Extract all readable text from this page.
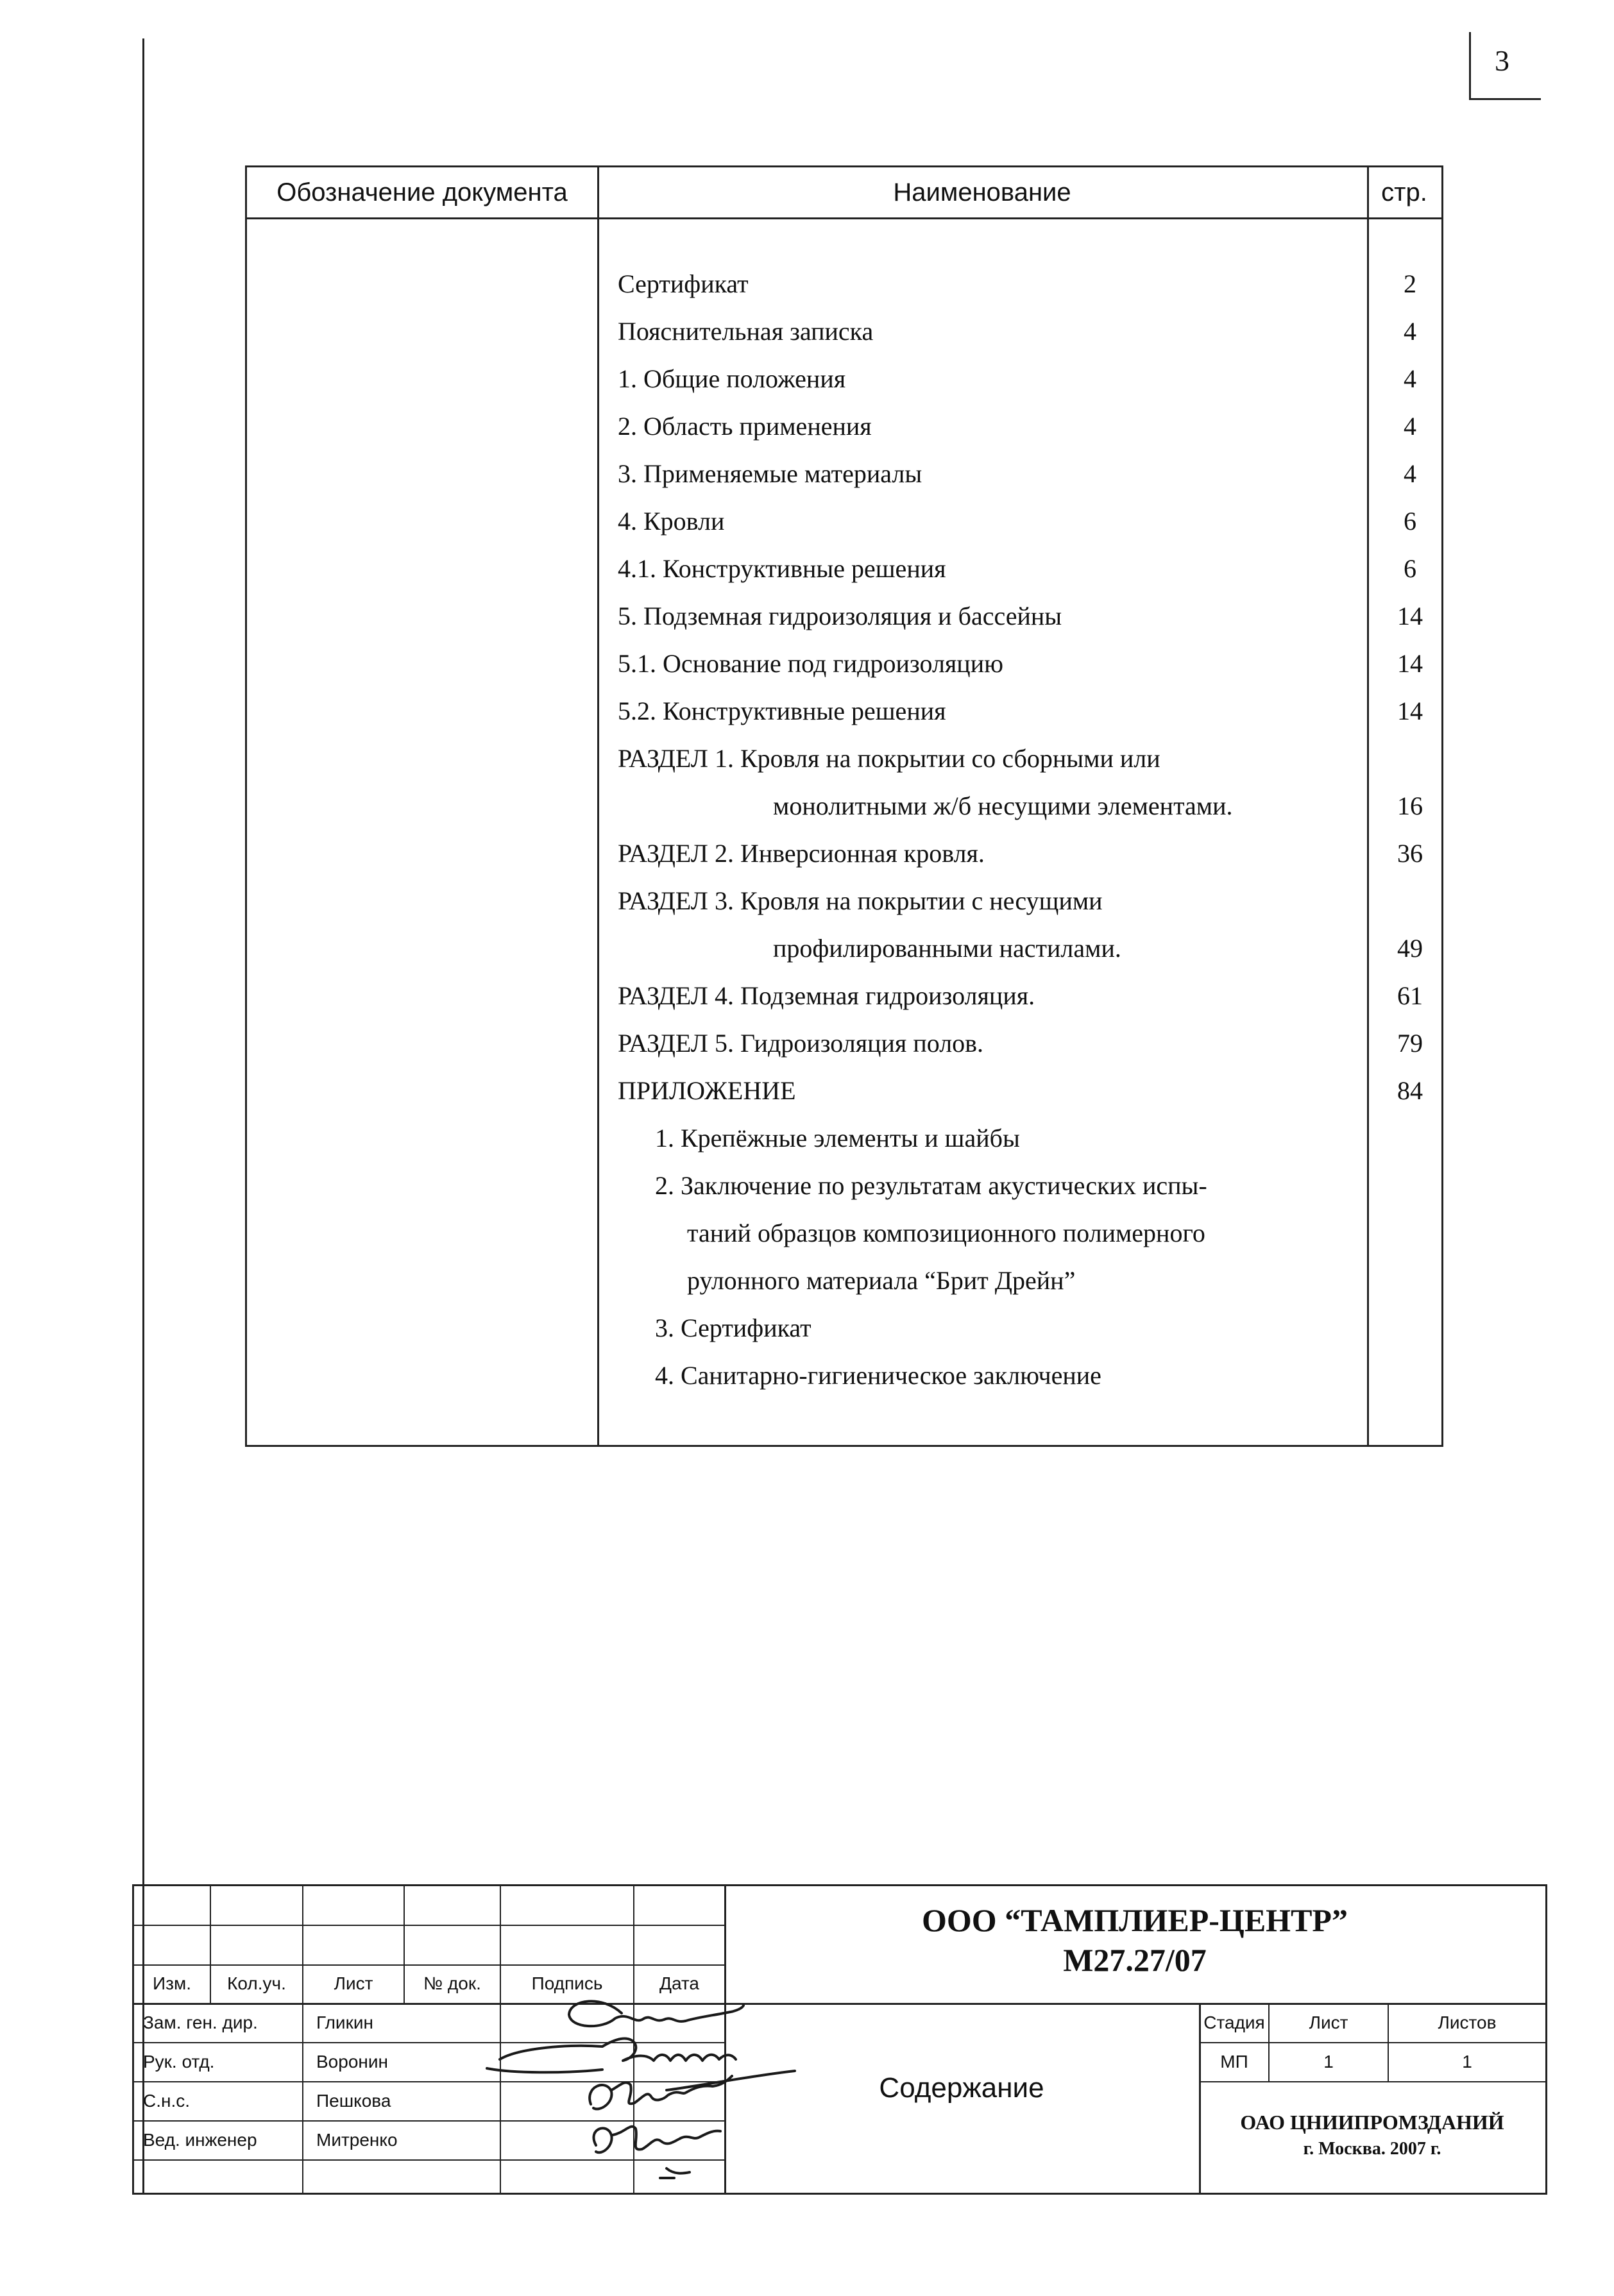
3
Обозначение документа	Наименование	стр.
Сертификат	2
Пояснительная записка	4
1. Общие положения	4
2. Область применения	4
3. Применяемые материалы	4
4. Кровли	6
4.1. Конструктивные решения	6
5. Подземная гидроизоляция и бассейны	14
5.1. Основание под гидроизоляцию	14
5.2. Конструктивные решения	14
РАЗДЕЛ 1. Кровля на покрытии со сборными или
монолитными ж/б несущими элементами.	16
РАЗДЕЛ 2. Инверсионная кровля.	36
РАЗДЕЛ 3. Кровля на покрытии с несущими
профилированными настилами.	49
РАЗДЕЛ 4. Подземная гидроизоляция.	61
РАЗДЕЛ 5. Гидроизоляция полов.	79
ПРИЛОЖЕНИЕ	84
1. Крепёжные элементы и шайбы
2. Заключение по результатам акустических испы-
таний образцов композиционного полимерного
рулонного материала “Брит Дрейн”
3. Сертификат
4. Санитарно-гигиеническое заключение
Изм.	Кол.уч.	Лист	№ док.	Подпись	Дата
Зам. ген. дир.	Гликин
Рук. отд.	Воронин
С.н.с.	Пешкова
Вед. инженер	Митренко
ООО “ТАМПЛИЕР-ЦЕНТР”
М27.27/07
Содержание
Стадия	Лист	Листов
МП	1	1
ОАО ЦНИИПРОМЗДАНИЙ
г. Москва. 2007 г.
